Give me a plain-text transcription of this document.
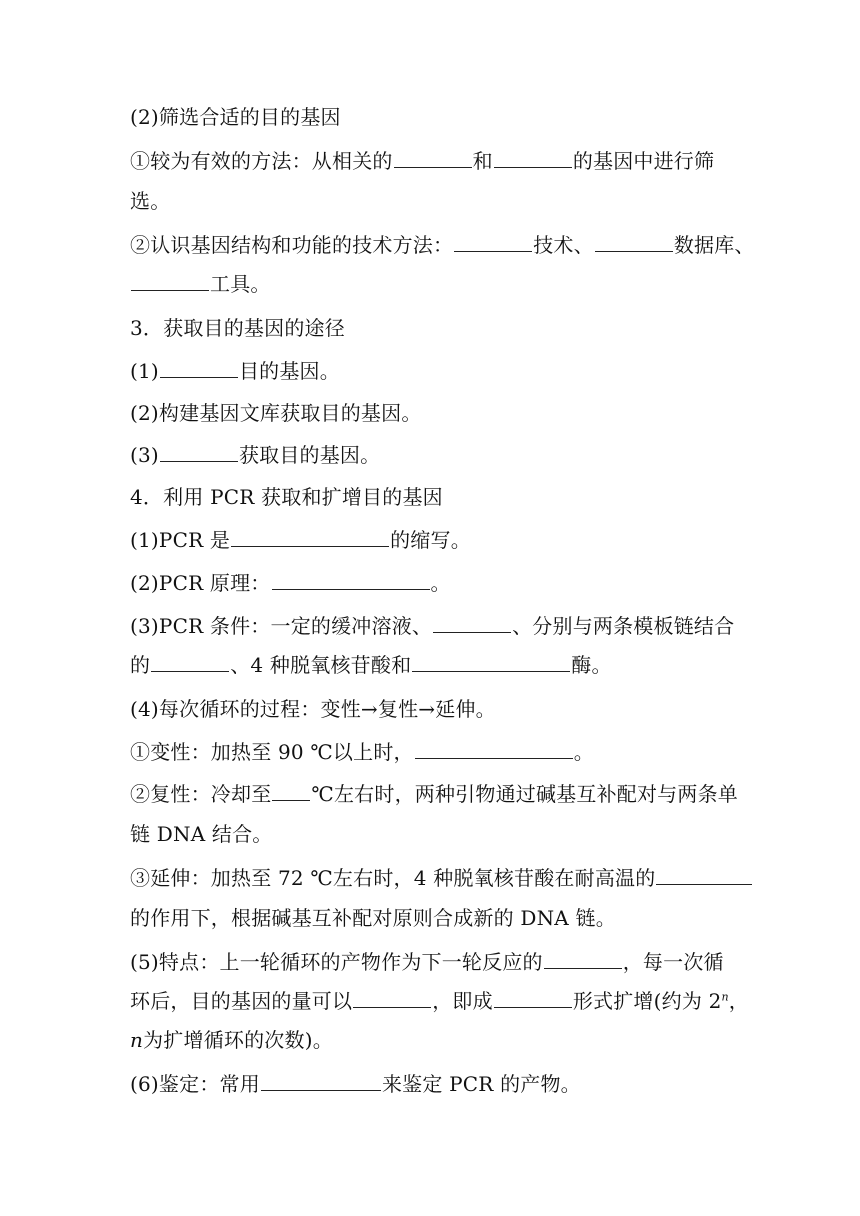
(2)筛选合适的目的基因
①较为有效的方法：从相关的	和	的基因中进行筛
选。
②认识基因结构和功能的技术方法：	技术、	数据库、
工具。
3．获取目的基因的途径
(1)	目的基因。
(2)构建基因文库获取目的基因。
(3)	获取目的基因。
4．利用 PCR 获取和扩增目的基因
(1)PCR 是	的缩写。
(2)PCR 原理：	。
(3)PCR 条件：一定的缓冲溶液、	、分别与两条模板链结合
的	、4 种脱氧核苷酸和	酶。
(4)每次循环的过程：变性→复性→延伸。
①变性：加热至 90 ℃以上时，	。
②复性：冷却至 ℃左右时，两种引物通过碱基互补配对与两条单
链 DNA 结合。
③延伸：加热至 72 ℃左右时，4 种脱氧核苷酸在耐高温的
的作用下，根据碱基互补配对原则合成新的 DNA 链。
(5)特点：上一轮循环的产物作为下一轮反应的	，每一次循
环后，目的基因的量可以	，即成	形式扩增(约为 2$^n$，
n为扩增循环的次数)。
(6)鉴定：常用	来鉴定 PCR 的产物。
